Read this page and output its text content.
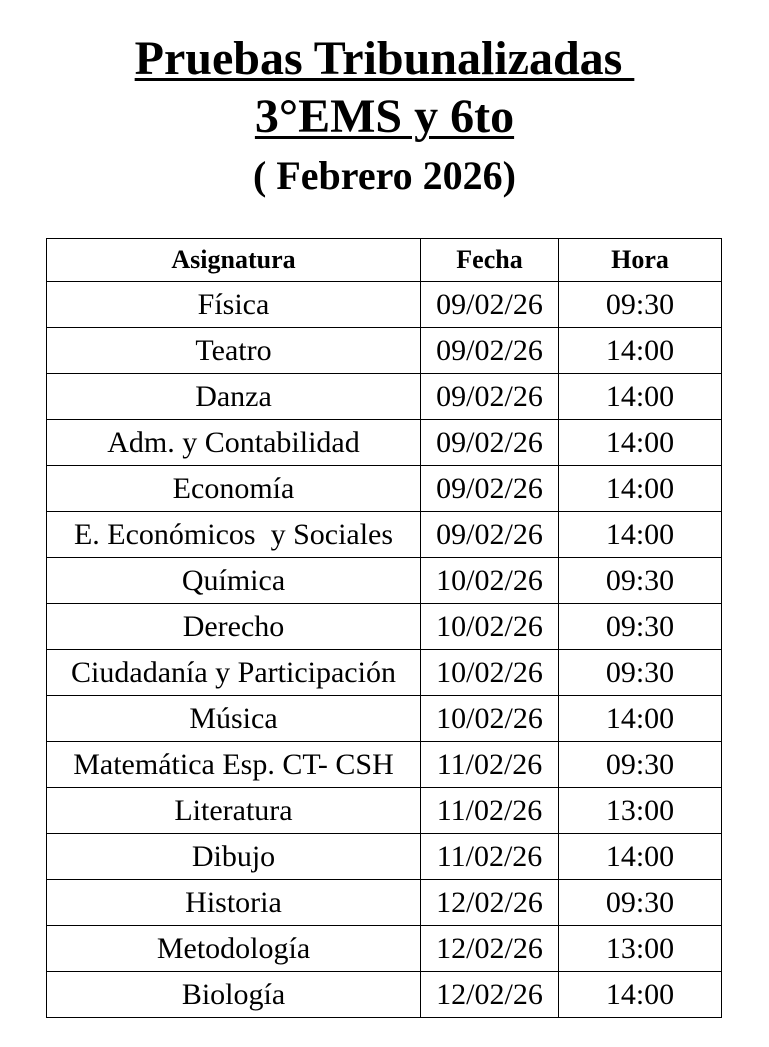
Pruebas Tribunalizadas
3°EMS y 6to
( Febrero 2026)
Asignatura	Fecha	Hora
Física	09/02/26	09:30
Teatro	09/02/26	14:00
Danza	09/02/26	14:00
Adm. y Contabilidad	09/02/26	14:00
Economía	09/02/26	14:00
E. Económicos  y Sociales	09/02/26	14:00
Química	10/02/26	09:30
Derecho	10/02/26	09:30
Ciudadanía y Participación	10/02/26	09:30
Música	10/02/26	14:00
Matemática Esp. CT- CSH	11/02/26	09:30
Literatura	11/02/26	13:00
Dibujo	11/02/26	14:00
Historia	12/02/26	09:30
Metodología	12/02/26	13:00
Biología	12/02/26	14:00
